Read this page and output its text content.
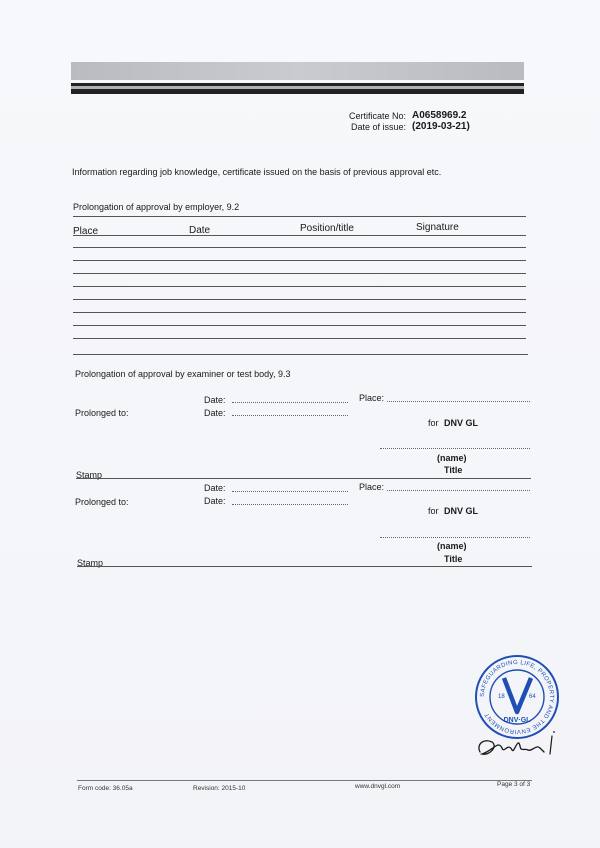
Certificate No: A0658969.2
Date of issue: (2019-03-21)
Information regarding job knowledge, certificate issued on the basis of previous approval etc.
Prolongation of approval by employer, 9.2
Place	Date	Position/title	Signature
Prolongation of approval by examiner or test body, 9.3
Date:	Place:
Prolonged to:	Date:
for DNV GL
(name)
Title
Stamp
Date:	Place:
Prolonged to:	Date:
for DNV GL
(name)
Title
Stamp
SAFEGUARDING LIFE, PROPERTY AND THE ENVIRONMENT
18	64
DNV·GL
Form code: 36.05a	Revision: 2015-10	www.dnvgl.com	Page 3 of 3
